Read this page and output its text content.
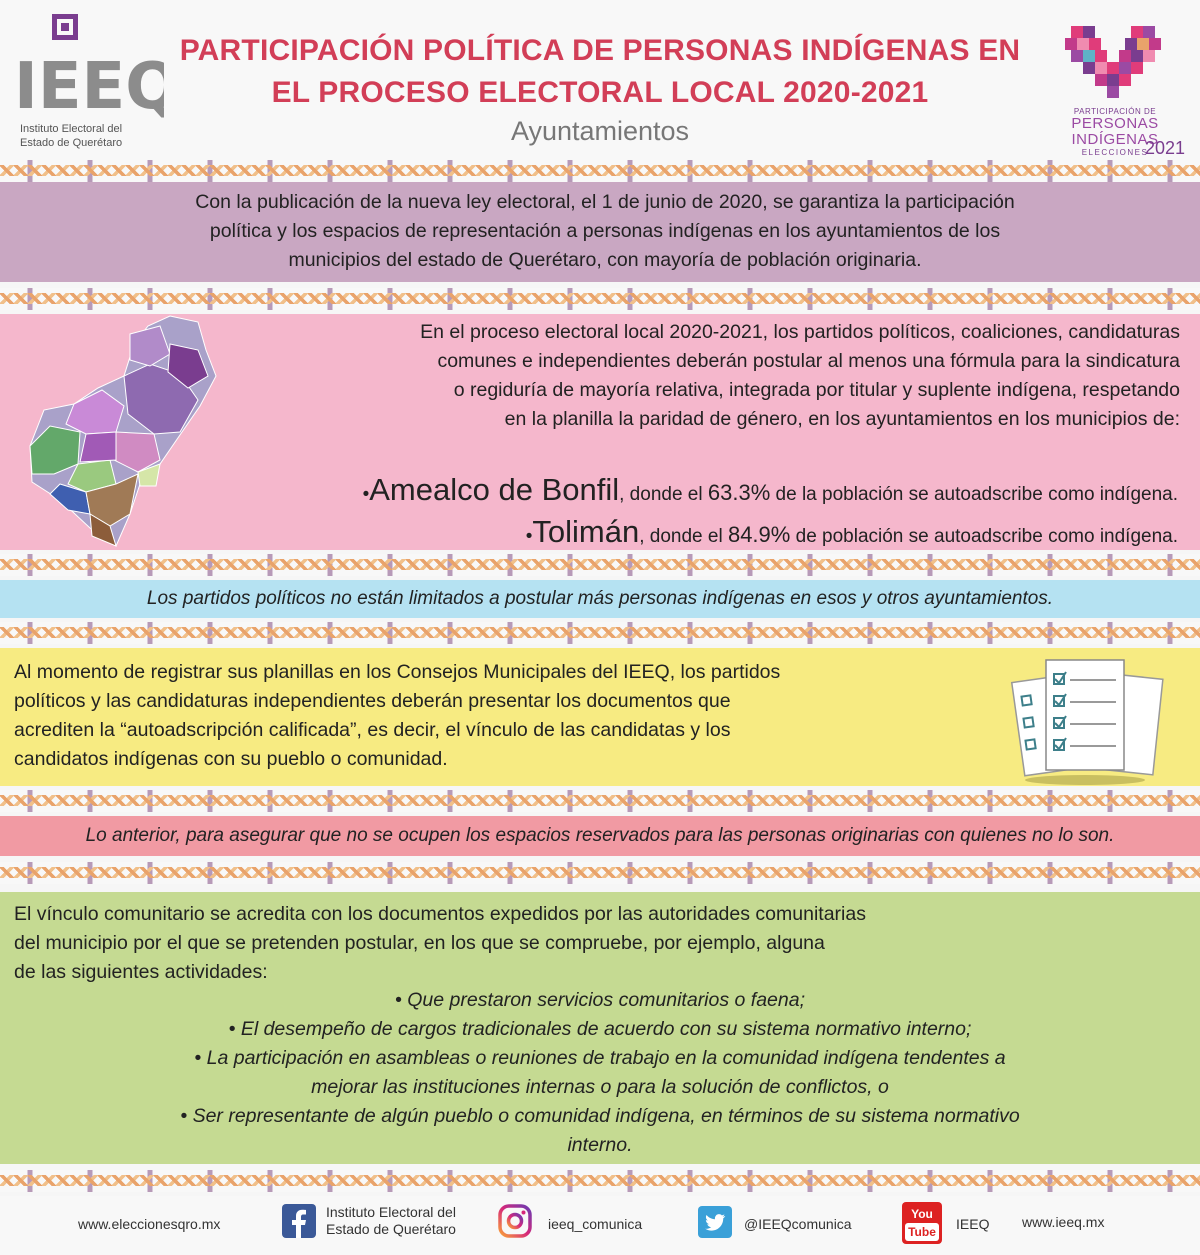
IEEQ
Instituto Electoral del
Estado de Querétaro
PARTICIPACIÓN POLÍTICA DE PERSONAS INDÍGENAS EN
EL PROCESO ELECTORAL LOCAL 2020-2021
Ayuntamientos
PARTICIPACIÓN DE
PERSONAS INDÍGENAS
ELECCIONES
2021

Con la publicación de la nueva ley electoral, el 1 de junio de 2020, se garantiza la participación
política y los espacios de representación a personas indígenas en los ayuntamientos de los
municipios del estado de Querétaro, con mayoría de población originaria.

En el proceso electoral local 2020-2021, los partidos políticos, coaliciones, candidaturas
comunes e independientes deberán postular al menos una fórmula para la sindicatura
o regiduría de mayoría relativa, integrada por titular y suplente indígena, respetando
en la planilla la paridad de género, en los ayuntamientos en los municipios de:
•Amealco de Bonfil, donde el 63.3% de la población se autoadscribe como indígena.
•Tolimán, donde el 84.9% de población se autoadscribe como indígena.

Los partidos políticos no están limitados a postular más personas indígenas en esos y otros ayuntamientos.

Al momento de registrar sus planillas en los Consejos Municipales del IEEQ, los partidos
políticos y las candidaturas independientes deberán presentar los documentos que
acrediten la “autoadscripción calificada”, es decir, el vínculo de las candidatas y los
candidatos indígenas con su pueblo o comunidad.

Lo anterior, para asegurar que no se ocupen los espacios reservados para las personas originarias con quienes no lo son.

El vínculo comunitario se acredita con los documentos expedidos por las autoridades comunitarias
del municipio por el que se pretenden postular, en los que se compruebe, por ejemplo, alguna
de las siguientes actividades:
• Que prestaron servicios comunitarios o faena;
• El desempeño de cargos tradicionales de acuerdo con su sistema normativo interno;
• La participación en asambleas o reuniones de trabajo en la comunidad indígena tendentes a
mejorar las instituciones internas o para la solución de conflictos, o
• Ser representante de algún pueblo o comunidad indígena, en términos de su sistema normativo
interno.
www.eleccionesqro.mx
Instituto Electoral del
Estado de Querétaro	ieeq_comunica	@IEEQcomunica
You
Tube IEEQ www.ieeq.mx
